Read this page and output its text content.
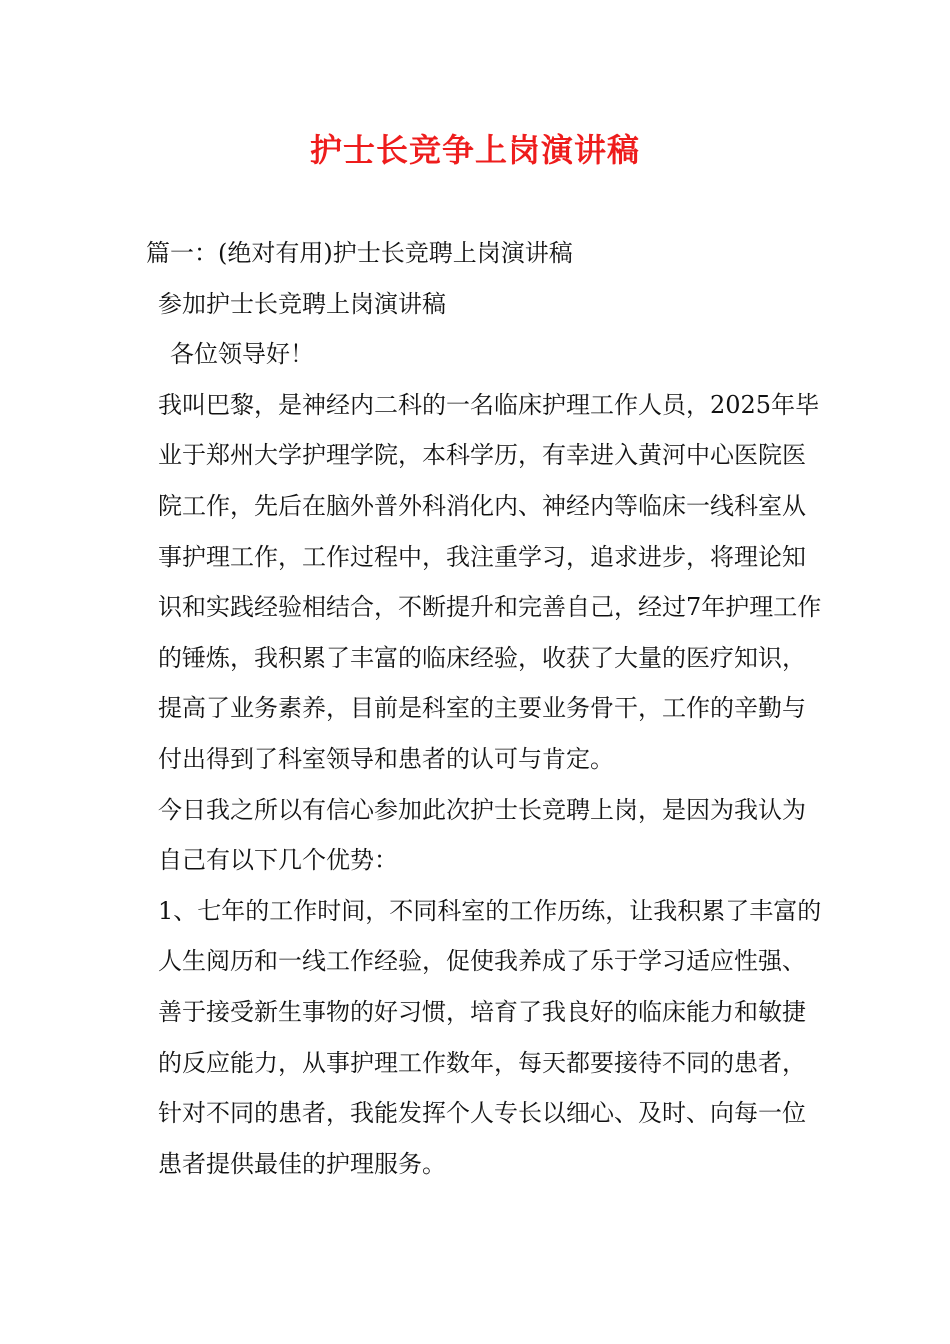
护士长竞争上岗演讲稿

篇一：(绝对有用)护士长竞聘上岗演讲稿

参加护士长竞聘上岗演讲稿

各位领导好！

我叫巴黎，是神经内二科的一名临床护理工作人员，2025年毕业于郑州大学护理学院，本科学历，有幸进入黄河中心医院医院工作，先后在脑外普外科消化内、神经内等临床一线科室从事护理工作，工作过程中，我注重学习，追求进步，将理论知识和实践经验相结合，不断提升和完善自己，经过7年护理工作的锤炼，我积累了丰富的临床经验，收获了大量的医疗知识，提高了业务素养，目前是科室的主要业务骨干，工作的辛勤与付出得到了科室领导和患者的认可与肯定。

今日我之所以有信心参加此次护士长竞聘上岗，是因为我认为自己有以下几个优势：

1、七年的工作时间，不同科室的工作历练，让我积累了丰富的人生阅历和一线工作经验，促使我养成了乐于学习适应性强、善于接受新生事物的好习惯，培育了我良好的临床能力和敏捷的反应能力，从事护理工作数年，每天都要接待不同的患者，针对不同的患者，我能发挥个人专长以细心、及时、向每一位患者提供最佳的护理服务。
